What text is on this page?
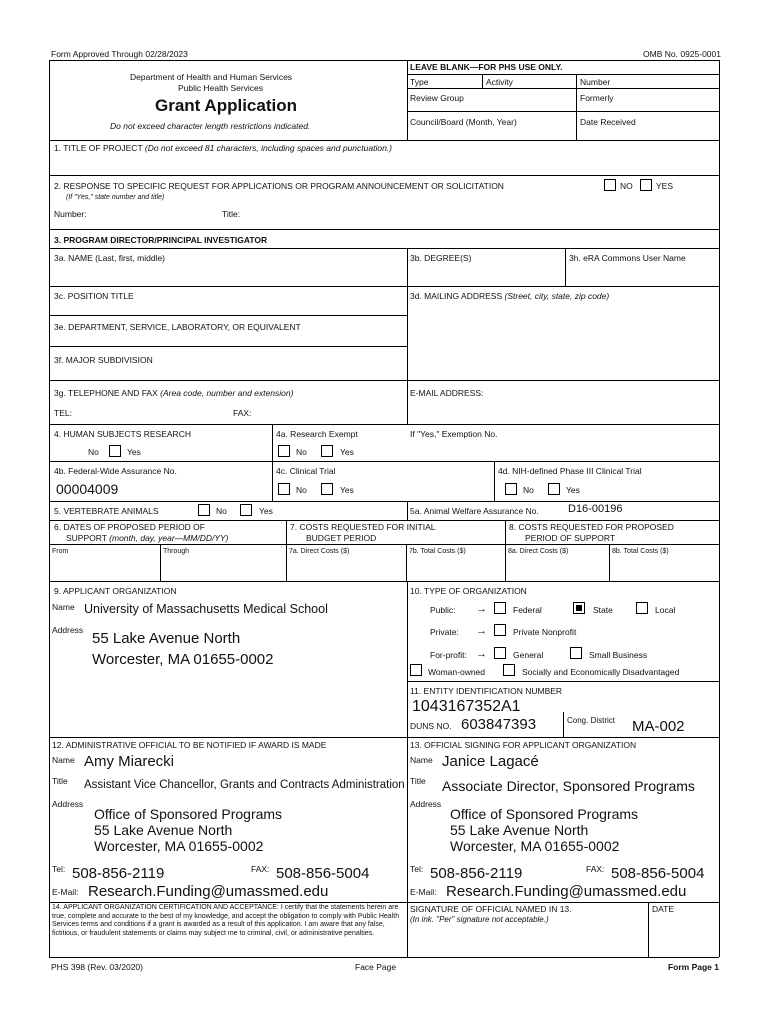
Form Approved Through 02/28/2023	OMB No. 0925-0001
Department of Health and Human Services
Public Health Services
Grant Application
Do not exceed character length restrictions indicated.
LEAVE BLANK—FOR PHS USE ONLY.
Type	Activity	Number
Review Group	Formerly
Council/Board (Month, Year)	Date Received
1. TITLE OF PROJECT (Do not exceed 81 characters, including spaces and punctuation.)
2. RESPONSE TO SPECIFIC REQUEST FOR APPLICATIONS OR PROGRAM ANNOUNCEMENT OR SOLICITATION	NO	YES
(If "Yes," state number and title)
Number:	Title:
3. PROGRAM DIRECTOR/PRINCIPAL INVESTIGATOR
3a. NAME (Last, first, middle)	3b. DEGREE(S)	3h. eRA Commons User Name
3c. POSITION TITLE	3d. MAILING ADDRESS (Street, city, state, zip code)
3e. DEPARTMENT, SERVICE, LABORATORY, OR EQUIVALENT
3f. MAJOR SUBDIVISION
3g. TELEPHONE AND FAX (Area code, number and extension)	E-MAIL ADDRESS:
TEL:	FAX:
4. HUMAN SUBJECTS RESEARCH	4a. Research Exempt	If "Yes," Exemption No.
No	Yes	No	Yes
4b. Federal-Wide Assurance No.	4c. Clinical Trial	4d. NIH-defined Phase III Clinical Trial
00004009	No	Yes	No	Yes
5. VERTEBRATE ANIMALS	No	Yes	5a. Animal Welfare Assurance No.	D16-00196
6. DATES OF PROPOSED PERIOD OF
SUPPORT (month, day, year—MM/DD/YY)
7. COSTS REQUESTED FOR INITIAL
BUDGET PERIOD
8. COSTS REQUESTED FOR PROPOSED
PERIOD OF SUPPORT
From	Through	7a. Direct Costs ($)	7b. Total Costs ($)	8a. Direct Costs ($)	8b. Total Costs ($)
9. APPLICANT ORGANIZATION
Name University of Massachusetts Medical School
Address 55 Lake Avenue North
Worcester, MA 01655-0002
10. TYPE OF ORGANIZATION
Public: →	Federal	State	Local
Private: →	Private Nonprofit
For-profit: →	General	Small Business
Woman-owned	Socially and Economically Disadvantaged
11. ENTITY IDENTIFICATION NUMBER
1043167352A1
DUNS NO. 603847393	Cong. District MA-002
12. ADMINISTRATIVE OFFICIAL TO BE NOTIFIED IF AWARD IS MADE
Name Amy Miarecki
Title Assistant Vice Chancellor, Grants and Contracts Administration
Address
Office of Sponsored Programs
55 Lake Avenue North
Worcester, MA 01655-0002
Tel: 508-856-2119	FAX: 508-856-5004
E-Mail: Research.Funding@umassmed.edu
13. OFFICIAL SIGNING FOR APPLICANT ORGANIZATION
Name Janice Lagacé
Title Associate Director, Sponsored Programs
Address
Office of Sponsored Programs
55 Lake Avenue North
Worcester, MA 01655-0002
Tel: 508-856-2119	FAX: 508-856-5004
E-Mail: Research.Funding@umassmed.edu
14. APPLICANT ORGANIZATION CERTIFICATION AND ACCEPTANCE: I certify that the statements herein are true, complete and accurate to the best of my knowledge, and accept the obligation to comply with Public Health Services terms and conditions if a grant is awarded as a result of this application. I am aware that any false, fictitious, or fraudulent statements or claims may subject me to criminal, civil, or administrative penalties.
SIGNATURE OF OFFICIAL NAMED IN 13.
(In ink. "Per" signature not acceptable.)
DATE
PHS 398 (Rev. 03/2020)	Face Page	Form Page 1
